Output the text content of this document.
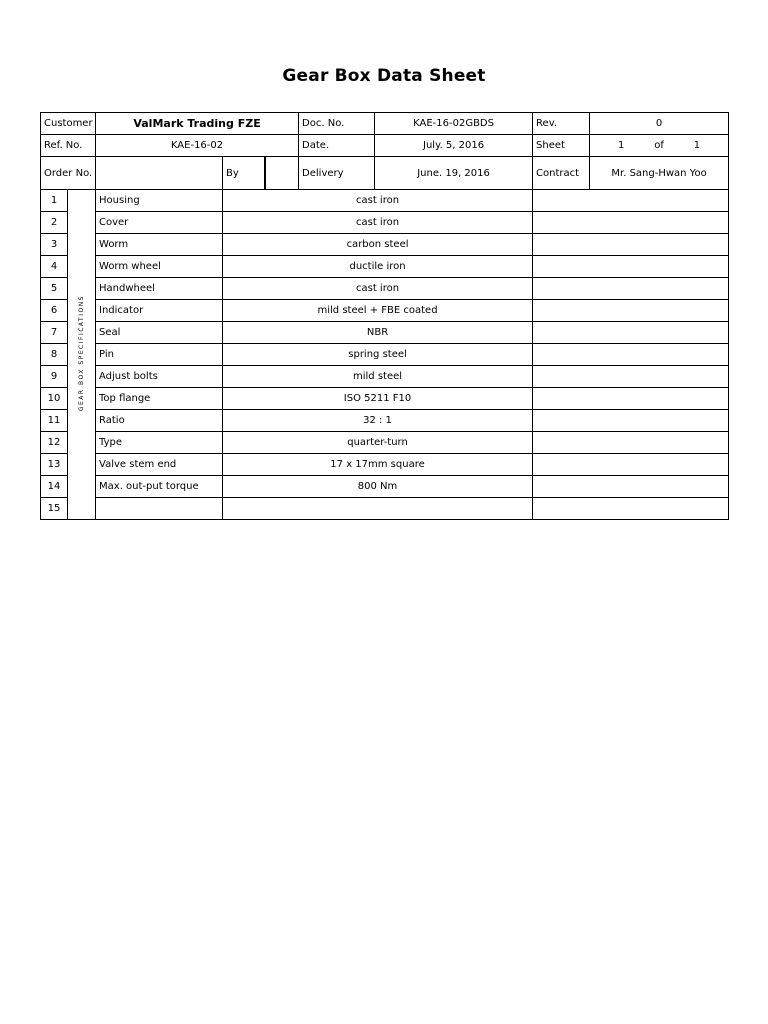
Gear Box Data Sheet
Customer		ValMark Trading FZE			Doc. No.	KAE-16-02GBDS	Rev.	0
Ref. No.		KAE-16-02			Date.	July. 5, 2016	Sheet	1 of 1

Order No.			By		Delivery	June. 19, 2016	Contract	Mr. Sang-Hwan Yoo
1	GEAR BOX SPECIFICATIONS	Housing	cast iron					
2		Cover	cast iron					
3		Worm	carbon steel					
4		Worm wheel	ductile iron					
5		Handwheel	cast iron					
6		Indicator	mild steel + FBE coated					
7		Seal	NBR					
8		Pin	spring steel					
9		Adjust bolts	mild steel					
10		Top flange	ISO 5211 F10					
11		Ratio	32 : 1					
12		Type	quarter-turn					
13		Valve stem end	17 x 17mm square					
14		Max. out-put torque	800 Nm					
15								
